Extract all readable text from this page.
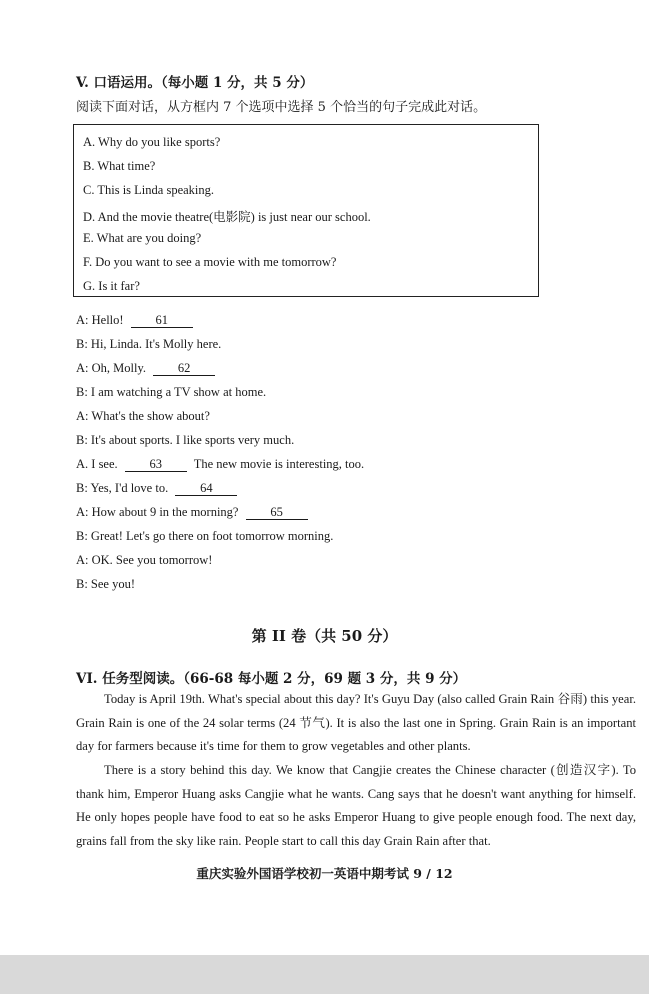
V. 口语运用。（每小题 1 分，共 5 分）
阅读下面对话，从方框内 7 个选项中选择 5 个恰当的句子完成此对话。
A. Why do you like sports?
B. What time?
C. This is Linda speaking.
D. And the movie theatre(电影院) is just near our school.
E. What are you doing?
F. Do you want to see a movie with me tomorrow?
G. Is it far?
A: Hello!	61
B: Hi, Linda. It's Molly here.
A: Oh, Molly.	62
B: I am watching a TV show at home.
A: What's the show about?
B: It's about sports. I like sports very much.
A. I see.	63	The new movie is interesting, too.
B: Yes, I'd love to.	64
A: How about 9 in the morning?	65
B: Great! Let's go there on foot tomorrow morning.
A: OK. See you tomorrow!
B: See you!
第 II 卷（共 50 分）
VI. 任务型阅读。（66-68 每小题 2 分，69 题 3 分，共 9 分）

Today is April 19th. What's special about this day? It's Guyu Day (also called Grain Rain 谷雨) this year. Grain Rain is one of the 24 solar terms (24 节气). It is also the last one in Spring. Grain Rain is an important day for farmers because it's time for them to grow vegetables and other plants.

There is a story behind this day. We know that Cangjie creates the Chinese character (创造汉字). To thank him, Emperor Huang asks Cangjie what he wants. Cang says that he doesn't want anything for himself. He only hopes people have food to eat so he asks Emperor Huang to give people enough food. The next day, grains fall from the sky like rain. People start to call this day Grain Rain after that.

重庆实验外国语学校初一英语中期考试 9 / 12
